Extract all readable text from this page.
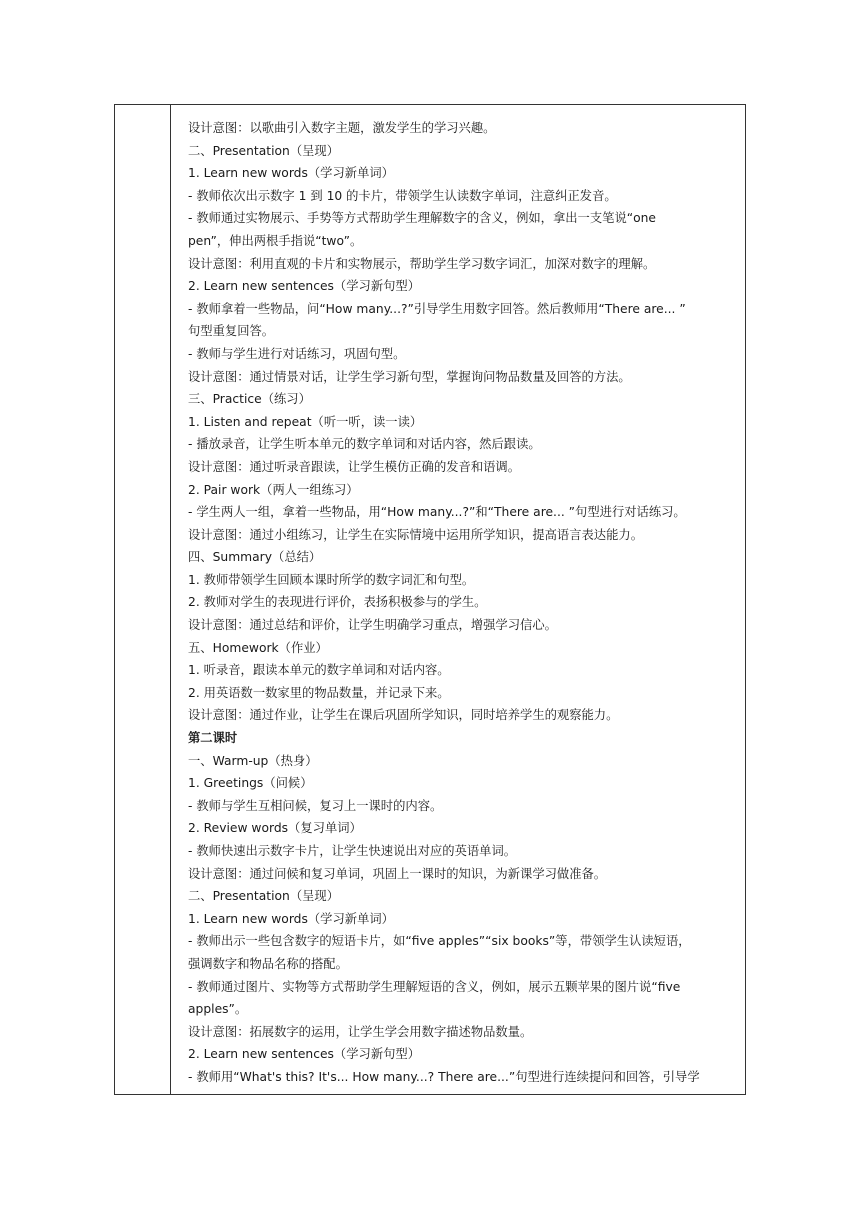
设计意图：以歌曲引入数字主题，激发学生的学习兴趣。
二、Presentation（呈现）
1. Learn new words（学习新单词）
- 教师依次出示数字 1 到 10 的卡片，带领学生认读数字单词，注意纠正发音。
- 教师通过实物展示、手势等方式帮助学生理解数字的含义，例如，拿出一支笔说“one
pen”，伸出两根手指说“two”。
设计意图：利用直观的卡片和实物展示，帮助学生学习数字词汇，加深对数字的理解。
2. Learn new sentences（学习新句型）
- 教师拿着一些物品，问“How many...?”引导学生用数字回答。然后教师用“There are... ”
句型重复回答。
- 教师与学生进行对话练习，巩固句型。
设计意图：通过情景对话，让学生学习新句型，掌握询问物品数量及回答的方法。
三、Practice（练习）
1. Listen and repeat（听一听，读一读）
- 播放录音，让学生听本单元的数字单词和对话内容，然后跟读。
设计意图：通过听录音跟读，让学生模仿正确的发音和语调。
2. Pair work（两人一组练习）
- 学生两人一组，拿着一些物品，用“How many...?”和“There are... ”句型进行对话练习。
设计意图：通过小组练习，让学生在实际情境中运用所学知识，提高语言表达能力。
四、Summary（总结）
1. 教师带领学生回顾本课时所学的数字词汇和句型。
2. 教师对学生的表现进行评价，表扬积极参与的学生。
设计意图：通过总结和评价，让学生明确学习重点，增强学习信心。
五、Homework（作业）
1. 听录音，跟读本单元的数字单词和对话内容。
2. 用英语数一数家里的物品数量，并记录下来。
设计意图：通过作业，让学生在课后巩固所学知识，同时培养学生的观察能力。
第二课时
一、Warm-up（热身）
1. Greetings（问候）
- 教师与学生互相问候，复习上一课时的内容。
2. Review words（复习单词）
- 教师快速出示数字卡片，让学生快速说出对应的英语单词。
设计意图：通过问候和复习单词，巩固上一课时的知识，为新课学习做准备。
二、Presentation（呈现）
1. Learn new words（学习新单词）
- 教师出示一些包含数字的短语卡片，如“five apples”“six books”等，带领学生认读短语，
强调数字和物品名称的搭配。
- 教师通过图片、实物等方式帮助学生理解短语的含义，例如，展示五颗苹果的图片说“five
apples”。
设计意图：拓展数字的运用，让学生学会用数字描述物品数量。
2. Learn new sentences（学习新句型）
- 教师用“What's this? It's... How many...? There are...”句型进行连续提问和回答，引导学
